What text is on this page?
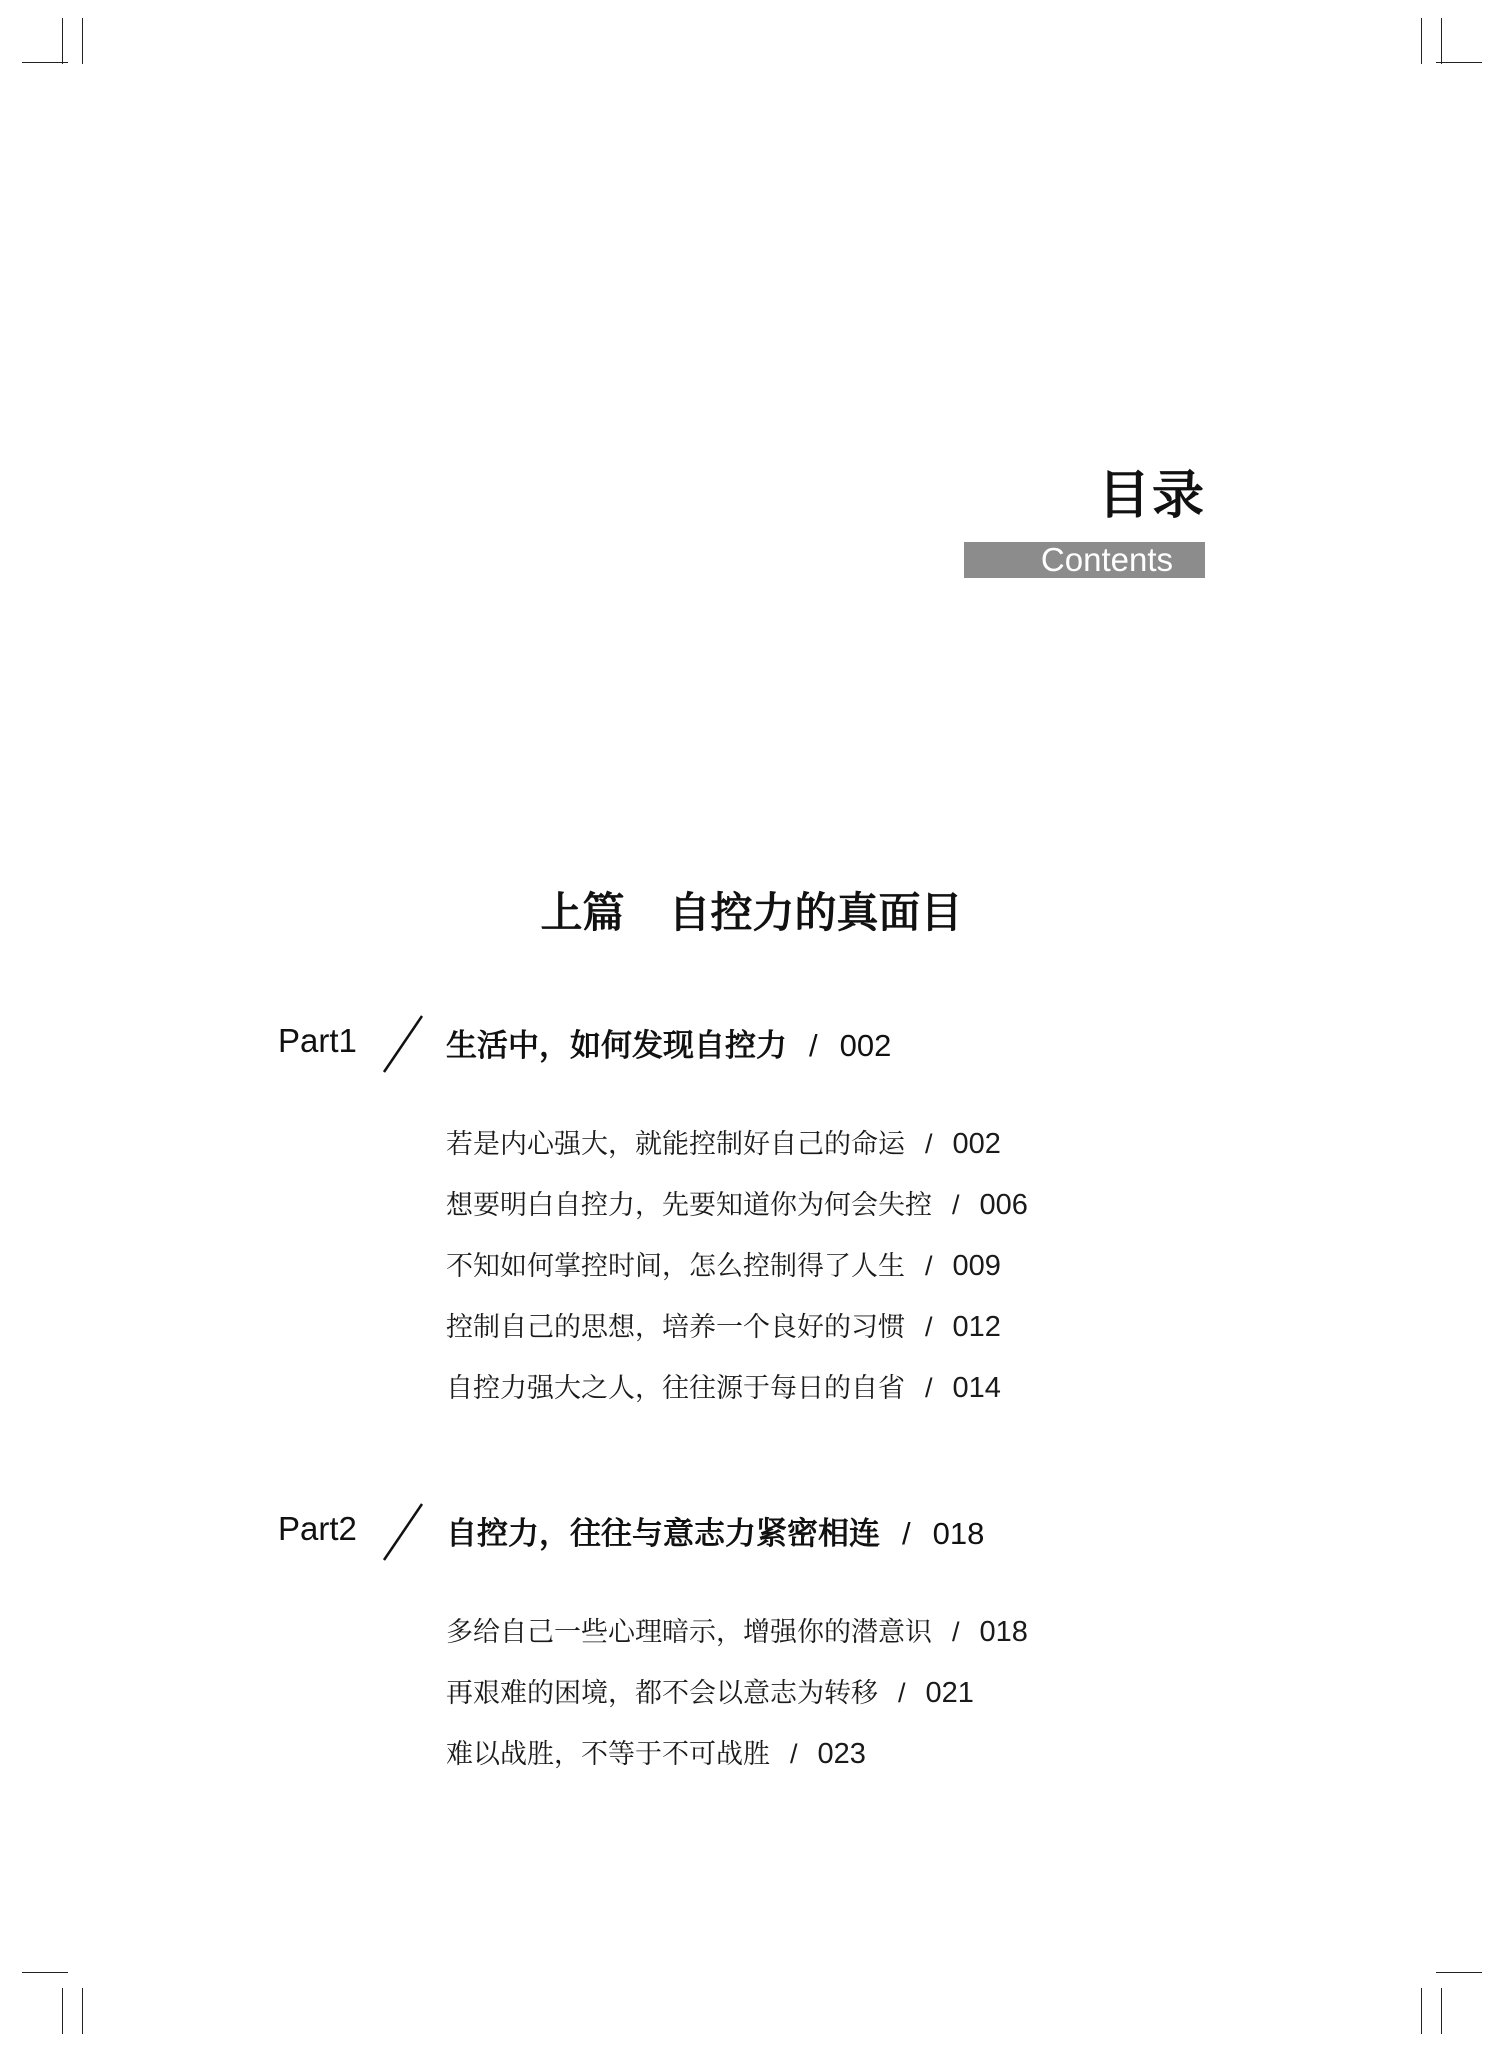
目录
Contents
上篇 自控力的真面目
Part1	生活中，如何发现自控力 / 002
若是内心强大，就能控制好自己的命运 / 002
想要明白自控力，先要知道你为何会失控 / 006
不知如何掌控时间，怎么控制得了人生 / 009
控制自己的思想，培养一个良好的习惯 / 012
自控力强大之人，往往源于每日的自省 / 014
Part2	自控力，往往与意志力紧密相连 / 018
多给自己一些心理暗示，增强你的潜意识 / 018
再艰难的困境，都不会以意志为转移 / 021
难以战胜，不等于不可战胜 / 023
